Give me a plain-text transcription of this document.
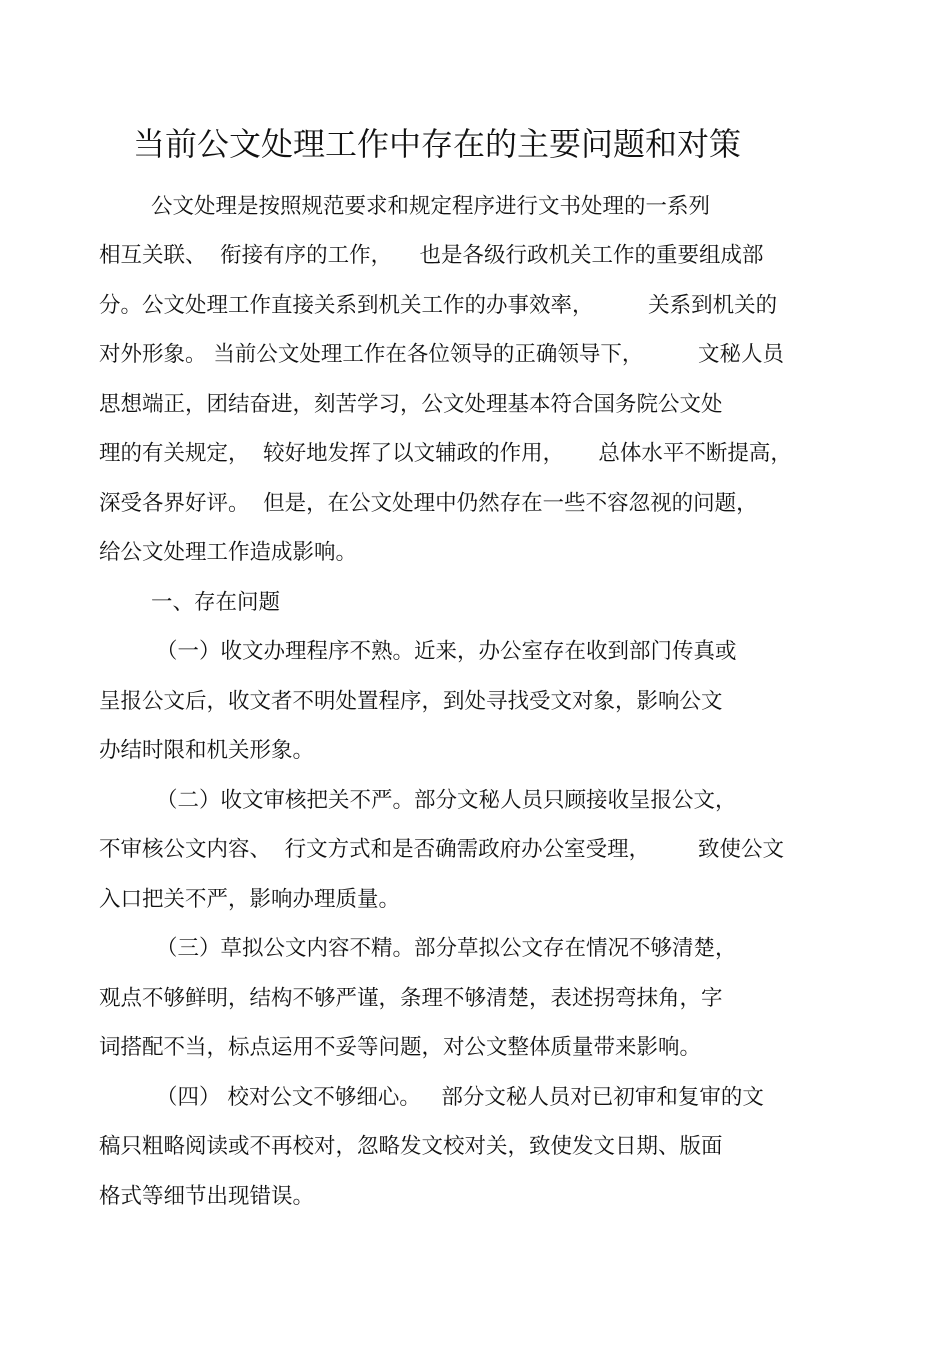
当前公文处理工作中存在的主要问题和对策
公文处理是按照规范要求和规定程序进行文书处理的一系列
相互关联、  衔接有序的工作，    也是各级行政机关工作的重要组成部
分。公文处理工作直接关系到机关工作的办事效率，        关系到机关的
对外形象。 当前公文处理工作在各位领导的正确领导下，        文秘人员
思想端正，团结奋进，刻苦学习，公文处理基本符合国务院公文处
理的有关规定，  较好地发挥了以文辅政的作用，     总体水平不断提高，
深受各界好评。  但是，在公文处理中仍然存在一些不容忽视的问题，
给公文处理工作造成影响。
一、存在问题
（一）收文办理程序不熟。近来，办公室存在收到部门传真或
呈报公文后，收文者不明处置程序，到处寻找受文对象，影响公文
办结时限和机关形象。
（二）收文审核把关不严。部分文秘人员只顾接收呈报公文，
不审核公文内容、  行文方式和是否确需政府办公室受理，       致使公文
入口把关不严，影响办理质量。
（三）草拟公文内容不精。部分草拟公文存在情况不够清楚，
观点不够鲜明，结构不够严谨，条理不够清楚，表述拐弯抹角，字
词搭配不当，标点运用不妥等问题，对公文整体质量带来影响。
（四） 校对公文不够细心。   部分文秘人员对已初审和复审的文
稿只粗略阅读或不再校对，忽略发文校对关，致使发文日期、版面
格式等细节出现错误。
